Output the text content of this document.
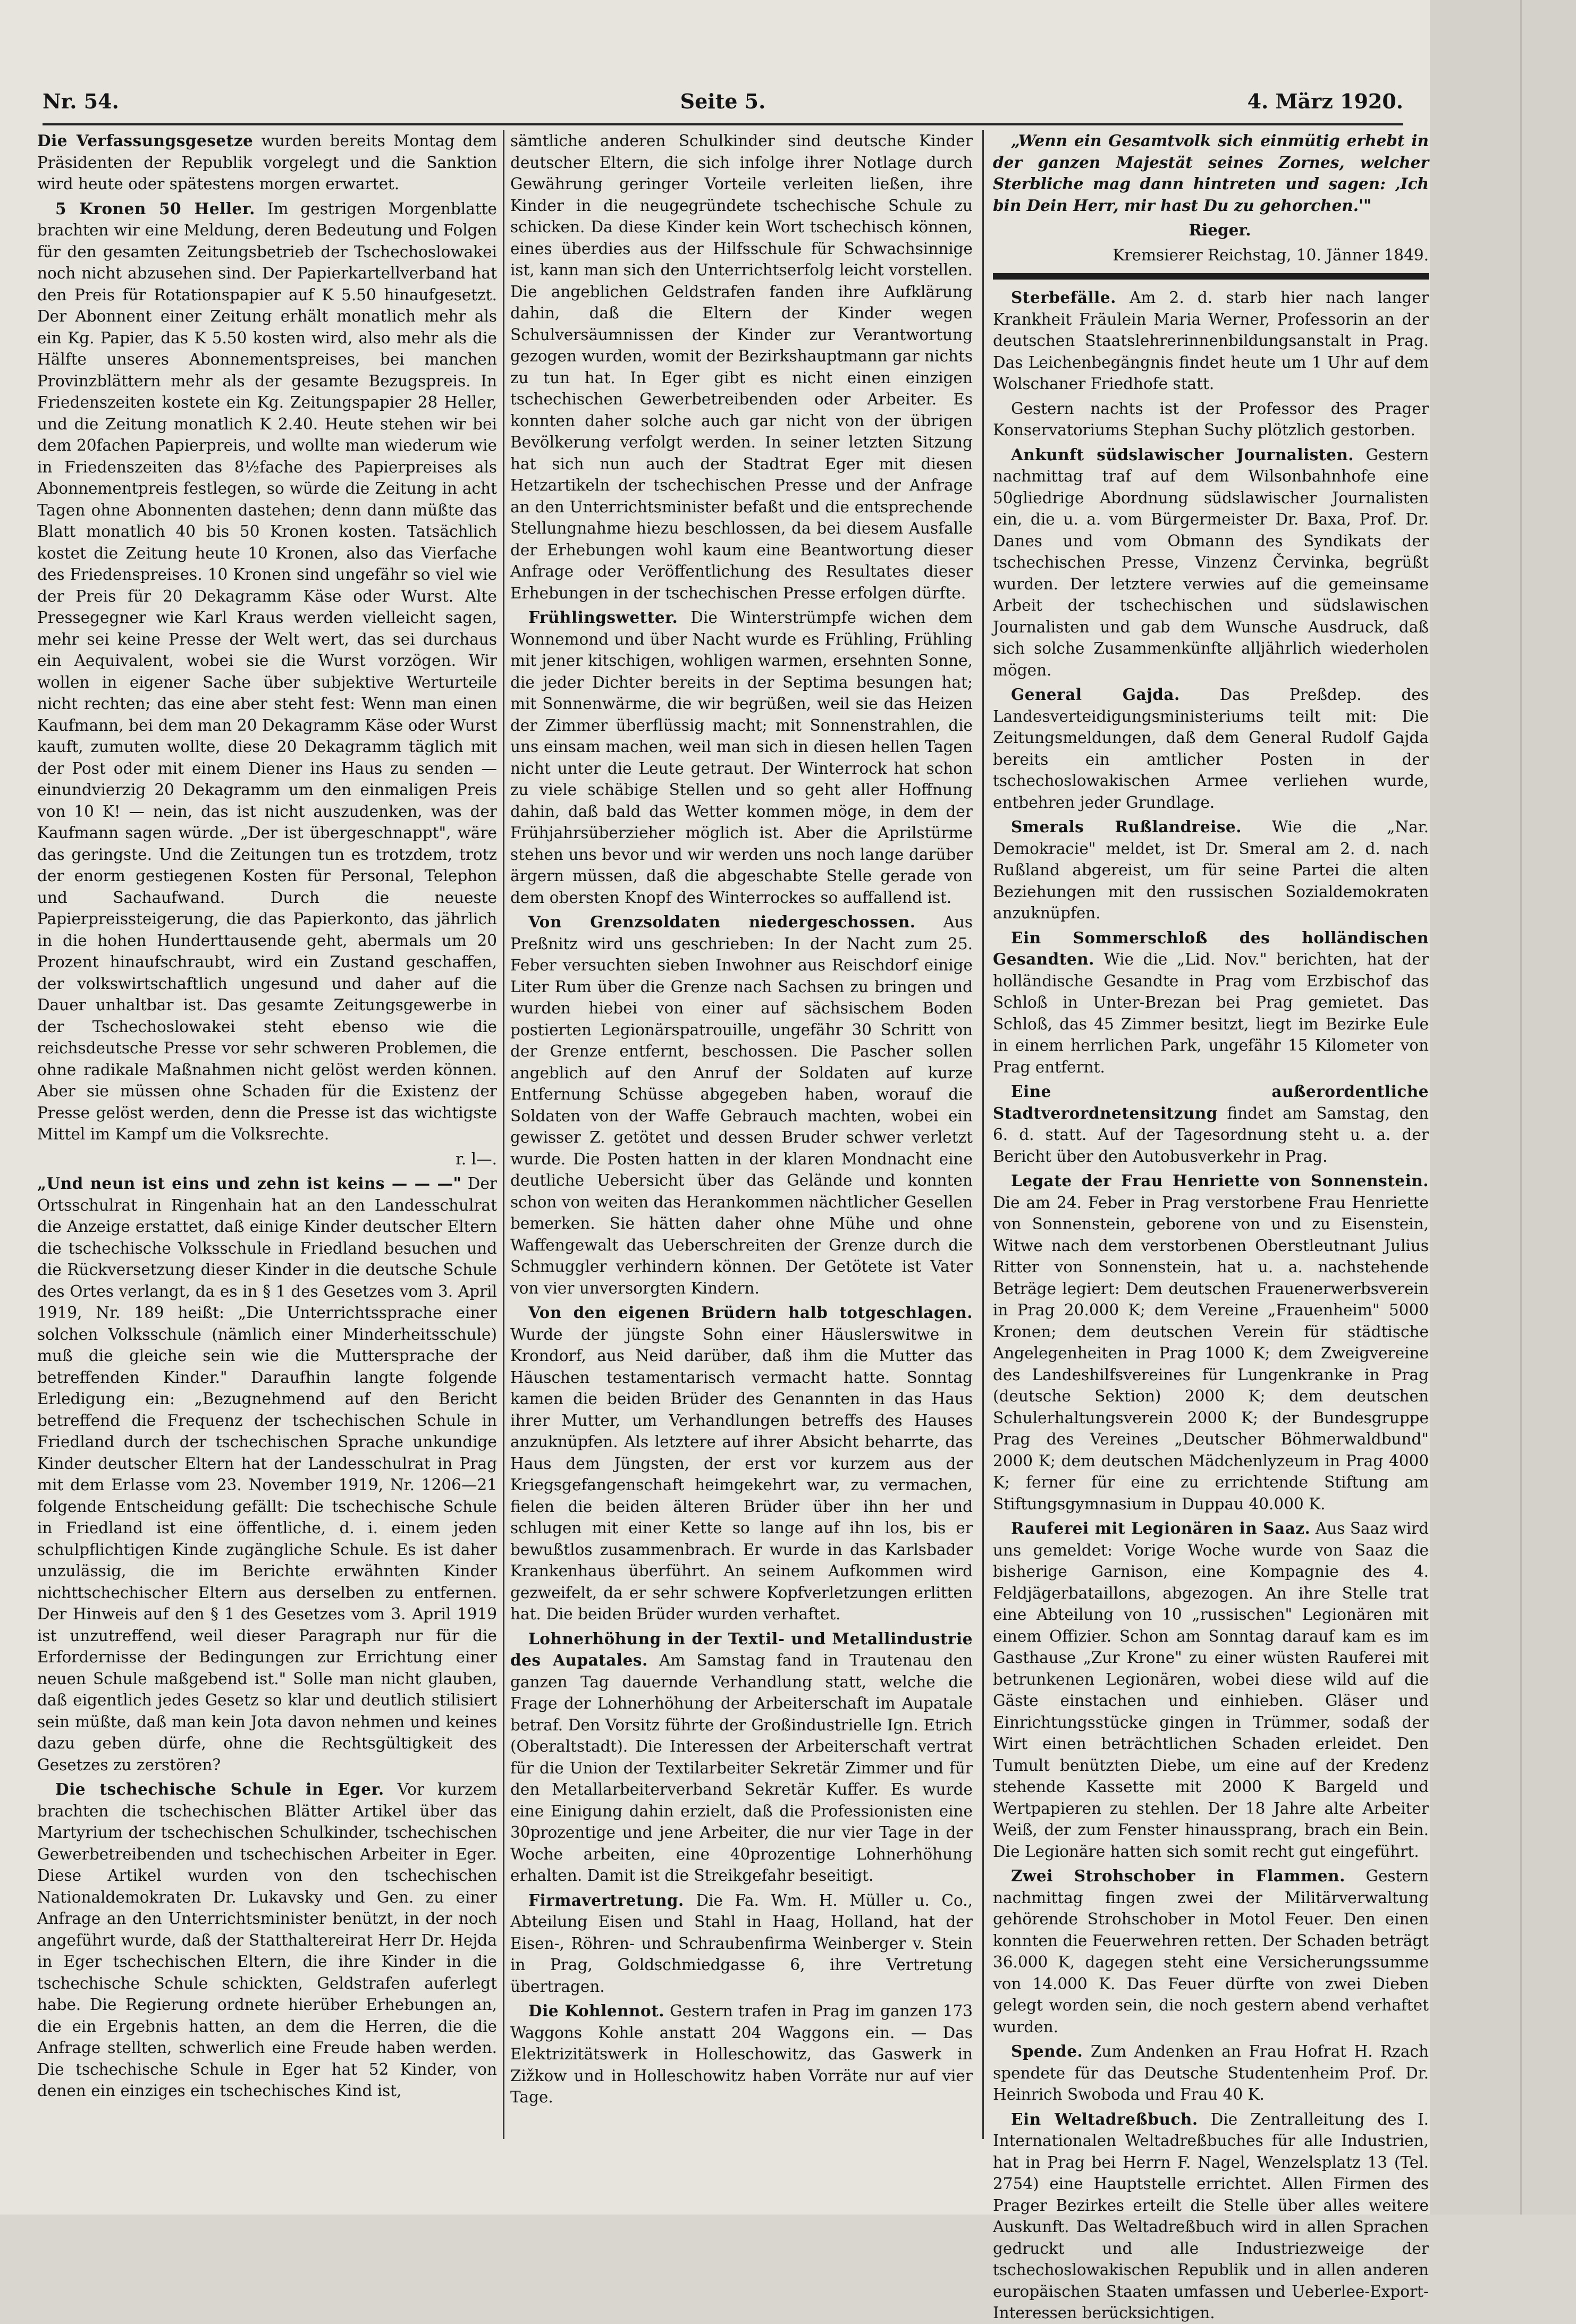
Nr. 54.	Seite 5.	4. März 1920.

Die Verfassungsgesetze wurden bereits Montag dem Präsidenten der Republik vorgelegt und die Sanktion wird heute oder spätestens morgen erwartet.

5 Kronen 50 Heller. Im gestrigen Morgenblatte brachten wir eine Meldung, deren Bedeutung und Folgen für den gesamten Zeitungsbetrieb der Tschechoslowakei noch nicht abzusehen sind. Der Papierkartellverband hat den Preis für Rotationspapier auf K 5.50 hinaufgesetzt. Der Abonnent einer Zeitung erhält monatlich mehr als ein Kg. Papier, das K 5.50 kosten wird, also mehr als die Hälfte unseres Abonnementspreises, bei manchen Provinzblättern mehr als der gesamte Bezugspreis. In Friedenszeiten kostete ein Kg. Zeitungspapier 28 Heller, und die Zeitung monatlich K 2.40. Heute stehen wir bei dem 20fachen Papierpreis, und wollte man wiederum wie in Friedenszeiten das 8½fache des Papierpreises als Abonnementpreis festlegen, so würde die Zeitung in acht Tagen ohne Abonnenten dastehen; denn dann müßte das Blatt monatlich 40 bis 50 Kronen kosten. Tatsächlich kostet die Zeitung heute 10 Kronen, also das Vierfache des Friedenspreises. 10 Kronen sind ungefähr so viel wie der Preis für 20 Dekagramm Käse oder Wurst. Alte Pressegegner wie Karl Kraus werden vielleicht sagen, mehr sei keine Presse der Welt wert, das sei durchaus ein Aequivalent, wobei sie die Wurst vorzögen. Wir wollen in eigener Sache über subjektive Werturteile nicht rechten; das eine aber steht fest: Wenn man einen Kaufmann, bei dem man 20 Dekagramm Käse oder Wurst kauft, zumuten wollte, diese 20 Dekagramm täglich mit der Post oder mit einem Diener ins Haus zu senden — einundvierzig 20 Dekagramm um den einmaligen Preis von 10 K! — nein, das ist nicht auszudenken, was der Kaufmann sagen würde. „Der ist übergeschnappt", wäre das geringste. Und die Zeitungen tun es trotzdem, trotz der enorm gestiegenen Kosten für Personal, Telephon und Sachaufwand. Durch die neueste Papierpreissteigerung, die das Papierkonto, das jährlich in die hohen Hunderttausende geht, abermals um 20 Prozent hinaufschraubt, wird ein Zustand geschaffen, der volkswirtschaftlich ungesund und daher auf die Dauer unhaltbar ist. Das gesamte Zeitungsgewerbe in der Tschechoslowakei steht ebenso wie die reichsdeutsche Presse vor sehr schweren Problemen, die ohne radikale Maßnahmen nicht gelöst werden können. Aber sie müssen ohne Schaden für die Existenz der Presse gelöst werden, denn die Presse ist das wichtigste Mittel im Kampf um die Volksrechte.

r. l—.

„Und neun ist eins und zehn ist keins — — —" Der Ortsschulrat in Ringenhain hat an den Landesschulrat die Anzeige erstattet, daß einige Kinder deutscher Eltern die tschechische Volksschule in Friedland besuchen und die Rückversetzung dieser Kinder in die deutsche Schule des Ortes verlangt, da es in § 1 des Gesetzes vom 3. April 1919, Nr. 189 heißt: „Die Unterrichtssprache einer solchen Volksschule (nämlich einer Minderheitsschule) muß die gleiche sein wie die Muttersprache der betreffenden Kinder." Daraufhin langte folgende Erledigung ein: „Bezugnehmend auf den Bericht betreffend die Frequenz der tschechischen Schule in Friedland durch der tschechischen Sprache unkundige Kinder deutscher Eltern hat der Landesschulrat in Prag mit dem Erlasse vom 23. November 1919, Nr. 1206—21 folgende Entscheidung gefällt: Die tschechische Schule in Friedland ist eine öffentliche, d. i. einem jeden schulpflichtigen Kinde zugängliche Schule. Es ist daher unzulässig, die im Berichte erwähnten Kinder nichttschechischer Eltern aus derselben zu entfernen. Der Hinweis auf den § 1 des Gesetzes vom 3. April 1919 ist unzutreffend, weil dieser Paragraph nur für die Erfordernisse der Bedingungen zur Errichtung einer neuen Schule maßgebend ist." Solle man nicht glauben, daß eigentlich jedes Gesetz so klar und deutlich stilisiert sein müßte, daß man kein Jota davon nehmen und keines dazu geben dürfe, ohne die Rechtsgültigkeit des Gesetzes zu zerstören?

Die tschechische Schule in Eger. Vor kurzem brachten die tschechischen Blätter Artikel über das Martyrium der tschechischen Schulkinder, tschechischen Gewerbetreibenden und tschechischen Arbeiter in Eger. Diese Artikel wurden von den tschechischen Nationaldemokraten Dr. Lukavsky und Gen. zu einer Anfrage an den Unterrichtsminister benützt, in der noch angeführt wurde, daß der Statthaltereirat Herr Dr. Hejda in Eger tschechischen Eltern, die ihre Kinder in die tschechische Schule schickten, Geldstrafen auferlegt habe. Die Regierung ordnete hierüber Erhebungen an, die ein Ergebnis hatten, an dem die Herren, die die Anfrage stellten, schwerlich eine Freude haben werden. Die tschechische Schule in Eger hat 52 Kinder, von denen ein einziges ein tschechisches Kind ist,

sämtliche anderen Schulkinder sind deutsche Kinder deutscher Eltern, die sich infolge ihrer Notlage durch Gewährung geringer Vorteile verleiten ließen, ihre Kinder in die neugegründete tschechische Schule zu schicken. Da diese Kinder kein Wort tschechisch können, eines überdies aus der Hilfsschule für Schwachsinnige ist, kann man sich den Unterrichtserfolg leicht vorstellen. Die angeblichen Geldstrafen fanden ihre Aufklärung dahin, daß die Eltern der Kinder wegen Schulversäumnissen der Kinder zur Verantwortung gezogen wurden, womit der Bezirkshauptmann gar nichts zu tun hat. In Eger gibt es nicht einen einzigen tschechischen Gewerbetreibenden oder Arbeiter. Es konnten daher solche auch gar nicht von der übrigen Bevölkerung verfolgt werden. In seiner letzten Sitzung hat sich nun auch der Stadtrat Eger mit diesen Hetzartikeln der tschechischen Presse und der Anfrage an den Unterrichtsminister befaßt und die entsprechende Stellungnahme hiezu beschlossen, da bei diesem Ausfalle der Erhebungen wohl kaum eine Beantwortung dieser Anfrage oder Veröffentlichung des Resultates dieser Erhebungen in der tschechischen Presse erfolgen dürfte.

Frühlingswetter. Die Winterstrümpfe wichen dem Wonnemond und über Nacht wurde es Frühling, Frühling mit jener kitschigen, wohligen warmen, ersehnten Sonne, die jeder Dichter bereits in der Septima besungen hat; mit Sonnenwärme, die wir begrüßen, weil sie das Heizen der Zimmer überflüssig macht; mit Sonnenstrahlen, die uns einsam machen, weil man sich in diesen hellen Tagen nicht unter die Leute getraut. Der Winterrock hat schon zu viele schäbige Stellen und so geht aller Hoffnung dahin, daß bald das Wetter kommen möge, in dem der Frühjahrsüberzieher möglich ist. Aber die Aprilstürme stehen uns bevor und wir werden uns noch lange darüber ärgern müssen, daß die abgeschabte Stelle gerade von dem obersten Knopf des Winterrockes so auffallend ist.

Von Grenzsoldaten niedergeschossen. Aus Preßnitz wird uns geschrieben: In der Nacht zum 25. Feber versuchten sieben Inwohner aus Reischdorf einige Liter Rum über die Grenze nach Sachsen zu bringen und wurden hiebei von einer auf sächsischem Boden postierten Legionärspatrouille, ungefähr 30 Schritt von der Grenze entfernt, beschossen. Die Pascher sollen angeblich auf den Anruf der Soldaten auf kurze Entfernung Schüsse abgegeben haben, worauf die Soldaten von der Waffe Gebrauch machten, wobei ein gewisser Z. getötet und dessen Bruder schwer verletzt wurde. Die Posten hatten in der klaren Mondnacht eine deutliche Uebersicht über das Gelände und konnten schon von weiten das Herankommen nächtlicher Gesellen bemerken. Sie hätten daher ohne Mühe und ohne Waffengewalt das Ueberschreiten der Grenze durch die Schmuggler verhindern können. Der Getötete ist Vater von vier unversorgten Kindern.

Von den eigenen Brüdern halb totgeschlagen. Wurde der jüngste Sohn einer Häuslerswitwe in Krondorf, aus Neid darüber, daß ihm die Mutter das Häuschen testamentarisch vermacht hatte. Sonntag kamen die beiden Brüder des Genannten in das Haus ihrer Mutter, um Verhandlungen betreffs des Hauses anzuknüpfen. Als letztere auf ihrer Absicht beharrte, das Haus dem Jüngsten, der erst vor kurzem aus der Kriegsgefangenschaft heimgekehrt war, zu vermachen, fielen die beiden älteren Brüder über ihn her und schlugen mit einer Kette so lange auf ihn los, bis er bewußtlos zusammenbrach. Er wurde in das Karlsbader Krankenhaus überführt. An seinem Aufkommen wird gezweifelt, da er sehr schwere Kopfverletzungen erlitten hat. Die beiden Brüder wurden verhaftet.

Lohnerhöhung in der Textil- und Metallindustrie des Aupatales. Am Samstag fand in Trautenau den ganzen Tag dauernde Verhandlung statt, welche die Frage der Lohnerhöhung der Arbeiterschaft im Aupatale betraf. Den Vorsitz führte der Großindustrielle Ign. Etrich (Oberaltstadt). Die Interessen der Arbeiterschaft vertrat für die Union der Textilarbeiter Sekretär Zimmer und für den Metallarbeiterverband Sekretär Kuffer. Es wurde eine Einigung dahin erzielt, daß die Professionisten eine 30prozentige und jene Arbeiter, die nur vier Tage in der Woche arbeiten, eine 40prozentige Lohnerhöhung erhalten. Damit ist die Streikgefahr beseitigt.

Firmavertretung. Die Fa. Wm. H. Müller u. Co., Abteilung Eisen und Stahl in Haag, Holland, hat der Eisen-, Röhren- und Schraubenfirma Weinberger v. Stein in Prag, Goldschmiedgasse 6, ihre Vertretung übertragen.

Die Kohlennot. Gestern trafen in Prag im ganzen 173 Waggons Kohle anstatt 204 Waggons ein. — Das Elektrizitätswerk in Holleschowitz, das Gaswerk in Zižkow und in Holleschowitz haben Vorräte nur auf vier Tage.

„Wenn ein Gesamtvolk sich einmütig erhebt in der ganzen Majestät seines Zornes, welcher Sterbliche mag dann hintreten und sagen: ‚Ich bin Dein Herr, mir hast Du zu gehorchen.'"

Rieger.

Kremsierer Reichstag, 10. Jänner 1849.

Sterbefälle. Am 2. d. starb hier nach langer Krankheit Fräulein Maria Werner, Professorin an der deutschen Staatslehrerinnenbildungsanstalt in Prag. Das Leichenbegängnis findet heute um 1 Uhr auf dem Wolschaner Friedhofe statt.

Gestern nachts ist der Professor des Prager Konservatoriums Stephan Suchy plötzlich gestorben.

Ankunft südslawischer Journalisten. Gestern nachmittag traf auf dem Wilsonbahnhofe eine 50gliedrige Abordnung südslawischer Journalisten ein, die u. a. vom Bürgermeister Dr. Baxa, Prof. Dr. Danes und vom Obmann des Syndikats der tschechischen Presse, Vinzenz Červinka, begrüßt wurden. Der letztere verwies auf die gemeinsame Arbeit der tschechischen und südslawischen Journalisten und gab dem Wunsche Ausdruck, daß sich solche Zusammenkünfte alljährlich wiederholen mögen.

General Gajda. Das Preßdep. des Landesverteidigungsministeriums teilt mit: Die Zeitungsmeldungen, daß dem General Rudolf Gajda bereits ein amtlicher Posten in der tschechoslowakischen Armee verliehen wurde, entbehren jeder Grundlage.

Smerals Rußlandreise. Wie die „Nar. Demokracie" meldet, ist Dr. Smeral am 2. d. nach Rußland abgereist, um für seine Partei die alten Beziehungen mit den russischen Sozialdemokraten anzuknüpfen.

Ein Sommerschloß des holländischen Gesandten. Wie die „Lid. Nov." berichten, hat der holländische Gesandte in Prag vom Erzbischof das Schloß in Unter-Brezan bei Prag gemietet. Das Schloß, das 45 Zimmer besitzt, liegt im Bezirke Eule in einem herrlichen Park, ungefähr 15 Kilometer von Prag entfernt.

Eine außerordentliche Stadtverordnetensitzung findet am Samstag, den 6. d. statt. Auf der Tagesordnung steht u. a. der Bericht über den Autobusverkehr in Prag.

Legate der Frau Henriette von Sonnenstein. Die am 24. Feber in Prag verstorbene Frau Henriette von Sonnenstein, geborene von und zu Eisenstein, Witwe nach dem verstorbenen Oberstleutnant Julius Ritter von Sonnenstein, hat u. a. nachstehende Beträge legiert: Dem deutschen Frauenerwerbsverein in Prag 20.000 K; dem Vereine „Frauenheim" 5000 Kronen; dem deutschen Verein für städtische Angelegenheiten in Prag 1000 K; dem Zweigvereine des Landeshilfsvereines für Lungenkranke in Prag (deutsche Sektion) 2000 K; dem deutschen Schulerhaltungsverein 2000 K; der Bundesgruppe Prag des Vereines „Deutscher Böhmerwaldbund" 2000 K; dem deutschen Mädchenlyzeum in Prag 4000 K; ferner für eine zu errichtende Stiftung am Stiftungsgymnasium in Duppau 40.000 K.

Rauferei mit Legionären in Saaz. Aus Saaz wird uns gemeldet: Vorige Woche wurde von Saaz die bisherige Garnison, eine Kompagnie des 4. Feldjägerbataillons, abgezogen. An ihre Stelle trat eine Abteilung von 10 „russischen" Legionären mit einem Offizier. Schon am Sonntag darauf kam es im Gasthause „Zur Krone" zu einer wüsten Rauferei mit betrunkenen Legionären, wobei diese wild auf die Gäste einstachen und einhieben. Gläser und Einrichtungsstücke gingen in Trümmer, sodaß der Wirt einen beträchtlichen Schaden erleidet. Den Tumult benützten Diebe, um eine auf der Kredenz stehende Kassette mit 2000 K Bargeld und Wertpapieren zu stehlen. Der 18 Jahre alte Arbeiter Weiß, der zum Fenster hinaussprang, brach ein Bein. Die Legionäre hatten sich somit recht gut eingeführt.

Zwei Strohschober in Flammen. Gestern nachmittag fingen zwei der Militärverwaltung gehörende Strohschober in Motol Feuer. Den einen konnten die Feuerwehren retten. Der Schaden beträgt 36.000 K, dagegen steht eine Versicherungssumme von 14.000 K. Das Feuer dürfte von zwei Dieben gelegt worden sein, die noch gestern abend verhaftet wurden.

Spende. Zum Andenken an Frau Hofrat H. Rzach spendete für das Deutsche Studentenheim Prof. Dr. Heinrich Swoboda und Frau 40 K.

Ein Weltadreßbuch. Die Zentralleitung des I. Internationalen Weltadreßbuches für alle Industrien, hat in Prag bei Herrn F. Nagel, Wenzelsplatz 13 (Tel. 2754) eine Hauptstelle errichtet. Allen Firmen des Prager Bezirkes erteilt die Stelle über alles weitere Auskunft. Das Weltadreßbuch wird in allen Sprachen gedruckt und alle Industriezweige der tschechoslowakischen Republik und in allen anderen europäischen Staaten umfassen und Ueberlee-Export-Interessen berücksichtigen.
